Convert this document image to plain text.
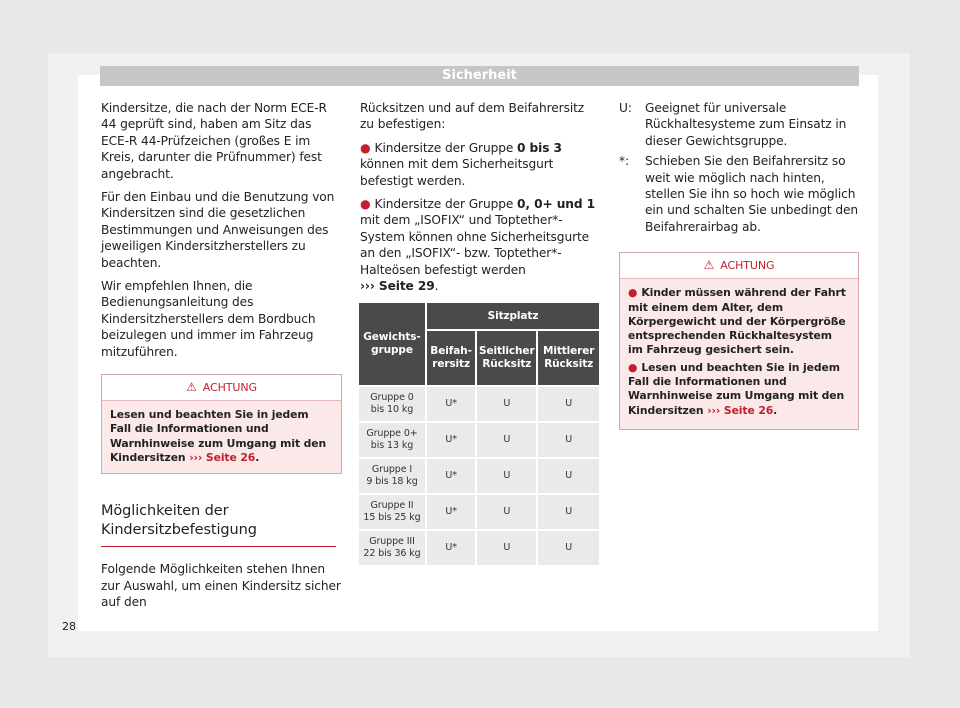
Sicherheit

Kindersitze, die nach der Norm ECE-R 44 geprüft sind, haben am Sitz das ECE-R 44-Prüfzeichen (großes E im Kreis, darunter die Prüfnummer) fest angebracht.

Für den Einbau und die Benutzung von Kindersitzen sind die gesetzlichen Bestimmungen und Anweisungen des jeweiligen Kindersitzherstellers zu beachten.

Wir empfehlen Ihnen, die Bedienungsanleitung des Kindersitzherstellers dem Bordbuch beizulegen und immer im Fahrzeug mitzuführen.

⚠ ACHTUNG
Lesen und beachten Sie in jedem Fall die Informationen und Warnhinweise zum Umgang mit den Kindersitzen ››› Seite 26.
Möglichkeiten der Kindersitzbefestigung

Folgende Möglichkeiten stehen Ihnen zur Auswahl, um einen Kindersitz sicher auf den

Rücksitzen und auf dem Beifahrersitz zu befestigen:

● Kindersitze der Gruppe 0 bis 3 können mit dem Sicherheitsgurt befestigt werden.

● Kindersitze der Gruppe 0, 0+ und 1 mit dem „ISOFIX“ und Toptether*-System können ohne Sicherheitsgurte an den „ISOFIX“- bzw. Toptether*-Halteösen befestigt werden
››› Seite 29.

Gewichtsgruppe	Sitzplatz		
	Beifahrersitz	Seitlicher Rücksitz	Mittlerer Rücksitz
Gruppe 0
bis 10 kg	U*	U	U
Gruppe 0+
bis 13 kg	U*	U	U
Gruppe I
9 bis 18 kg	U*	U	U
Gruppe II
15 bis 25 kg	U*	U	U
Gruppe III
22 bis 36 kg	U*	U	U
U:	Geeignet für universale Rückhaltesysteme zum Einsatz in dieser Gewichtsgruppe.
*:	Schieben Sie den Beifahrersitz so weit wie möglich nach hinten, stellen Sie ihn so hoch wie möglich ein und schalten Sie unbedingt den Beifahrerairbag ab.
⚠ ACHTUNG

● Kinder müssen während der Fahrt mit einem dem Alter, dem Körpergewicht und der Körpergröße entsprechenden Rückhaltesystem im Fahrzeug gesichert sein.

● Lesen und beachten Sie in jedem Fall die Informationen und Warnhinweise zum Umgang mit den Kindersitzen ››› Seite 26.

28
